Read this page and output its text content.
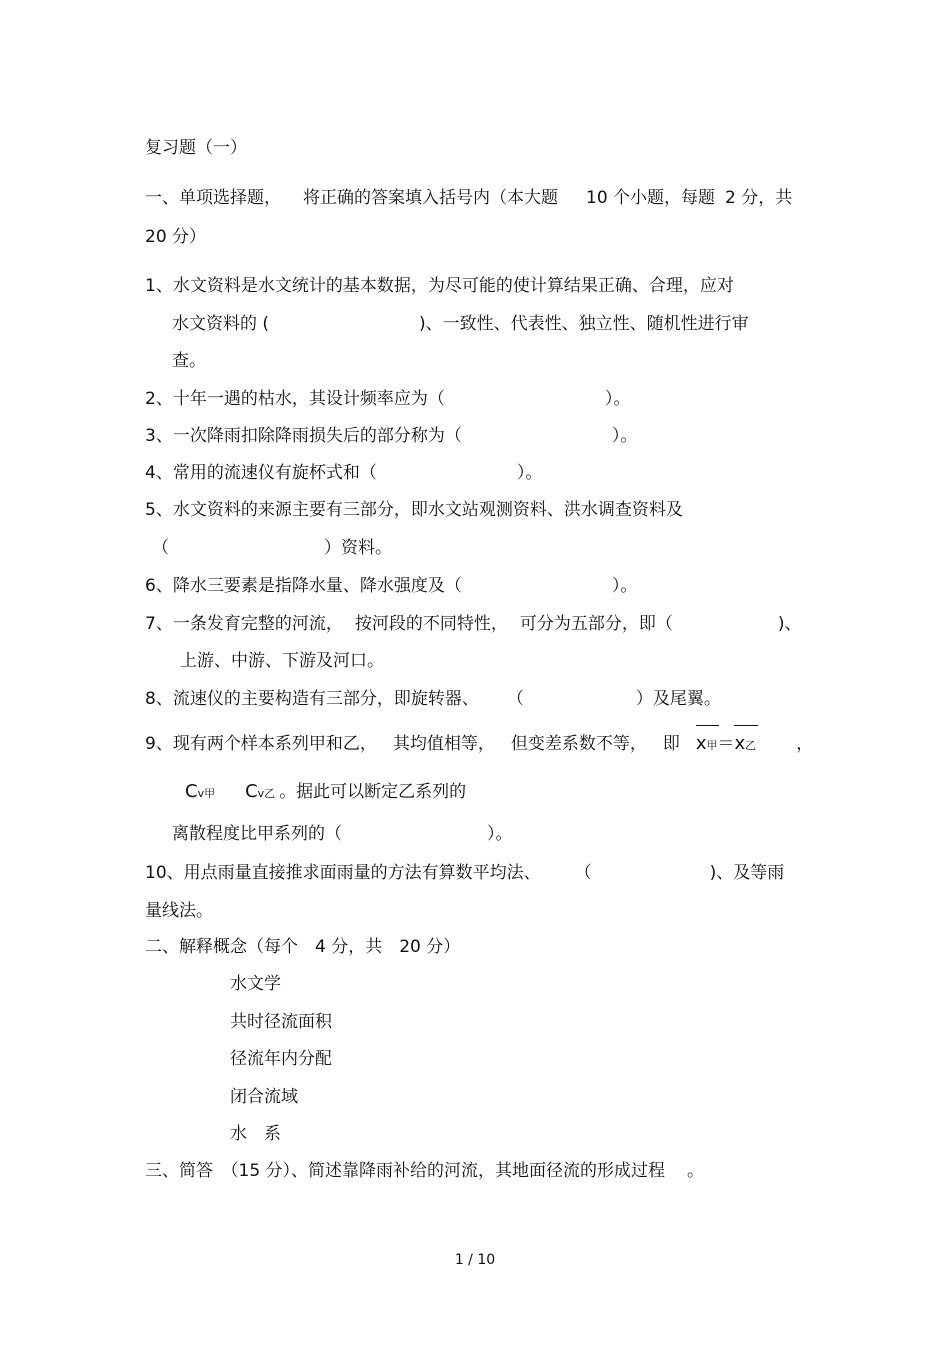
复习题（一）
一、单项选择题， 将正确的答案填入括号内（本大题 10 个小题，每题 2 分，共
20 分）
1、水文资料是水文统计的基本数据，为尽可能的使计算结果正确、合理，应对
水文资料的 (	)、一致性、代表性、独立性、随机性进行审
查。
2、十年一遇的枯水，其设计频率应为（	）。
3、一次降雨扣除降雨损失后的部分称为（	）。
4、常用的流速仪有旋杯式和（	）。
5、水文资料的来源主要有三部分，即水文站观测资料、洪水调查资料及
（	）资料。
6、降水三要素是指降水量、降水强度及（	）。
7、一条发育完整的河流， 按河段的不同特性， 可分为五部分，即（	)、
上游、中游、下游及河口。
8、流速仪的主要构造有三部分，即旋转器、 （	）及尾翼。
9、现有两个样本系列甲和乙， 其均值相等， 但变差系数不等， 即 x甲＝x乙 ，
Cv甲 Cv乙 。据此可以断定乙系列的
离散程度比甲系列的（	）。
10、用点雨量直接推求面雨量的方法有算数平均法、 （	)、及等雨
量线法。
二、解释概念（每个　4 分，共　20 分）
水文学
共时径流面积
径流年内分配
闭合流域
水　系
三、简答　（15 分）、简述靠降雨补给的河流，其地面径流的形成过程 。
1 / 10
